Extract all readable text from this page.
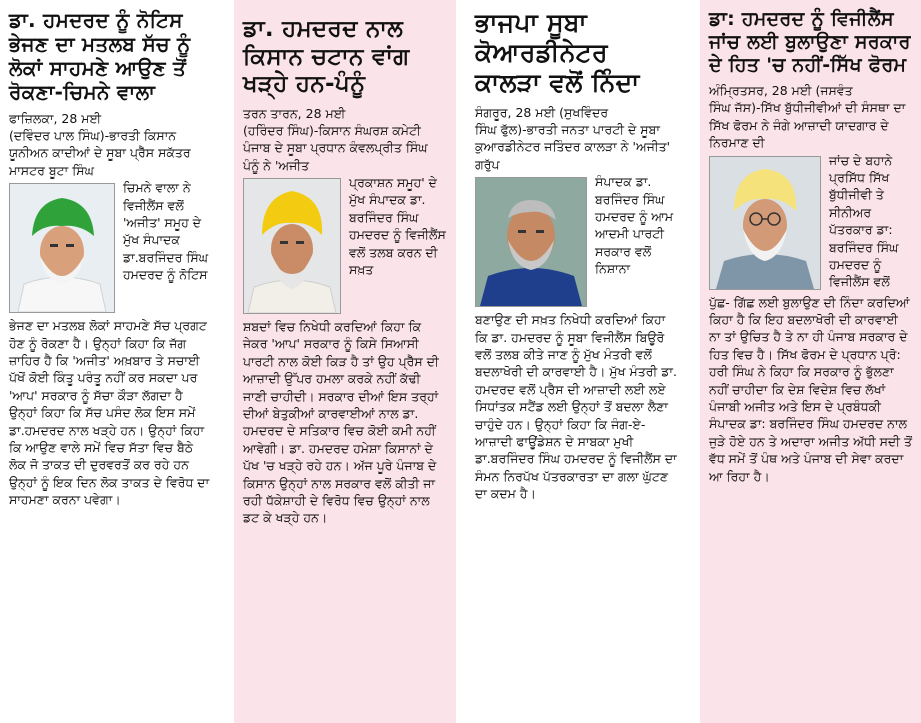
ਡਾ. ਹਮਦਰਦ ਨੂੰ ਨੋਟਿਸ ਭੇਜਣ ਦਾ ਮਤਲਬ ਸੱਚ ਨੂੰ ਲੋਕਾਂ ਸਾਹਮਣੇ ਆਉਣ ਤੋਂ ਰੋਕਣਾ-ਚਿਮਨੇ ਵਾਲਾ

ਫਾਜ਼ਿਲਕਾ, 28 ਮਈ

(ਦਵਿੰਦਰ ਪਾਲ ਸਿੰਘ)-ਭਾਰਤੀ ਕਿਸਾਨ ਯੂਨੀਅਨ ਕਾਦੀਆਂ ਦੇ ਸੂਬਾ ਪ੍ਰੈੱਸ ਸਕੱਤਰ ਮਾਸਟਰ ਬੂਟਾ ਸਿੰਘ

ਚਿਮਨੇ ਵਾਲਾ ਨੇ ਵਿਜੀਲੈਂਸ ਵਲੋਂ 'ਅਜੀਤ' ਸਮੂਹ ਦੇ ਮੁੱਖ ਸੰਪਾਦਕ ਡਾ.ਬਰਜਿੰਦਰ ਸਿੰਘ ਹਮਦਰਦ ਨੂੰ ਨੋਟਿਸ

ਭੇਜਣ ਦਾ ਮਤਲਬ ਲੋਕਾਂ ਸਾਹਮਣੇ ਸੱਚ ਪ੍ਰਗਟ ਹੋਣ ਨੂੰ ਰੋਕਣਾ ਹੈ। ਉਨ੍ਹਾਂ ਕਿਹਾ ਕਿ ਜੱਗ ਜ਼ਾਹਿਰ ਹੈ ਕਿ 'ਅਜੀਤ' ਅਖ਼ਬਾਰ ਤੇ ਸਚਾਈ ਪੱਖੋਂ ਕੋਈ ਕਿੰਤੂ ਪਰੰਤੂ ਨਹੀਂ ਕਰ ਸਕਦਾ ਪਰ 'ਆਪ' ਸਰਕਾਰ ਨੂੰ ਸੱਚਾ ਕੌੜਾ ਲੱਗਦਾ ਹੈ ਉਨ੍ਹਾਂ ਕਿਹਾ ਕਿ ਸੱਚ ਪਸੰਦ ਲੋਕ ਇਸ ਸਮੇਂ ਡਾ.ਹਮਦਰਦ ਨਾਲ ਖੜ੍ਹੇ ਹਨ। ਉਨ੍ਹਾਂ ਕਿਹਾ ਕਿ ਆਉਣ ਵਾਲੇ ਸਮੇਂ ਵਿਚ ਸੱਤਾ ਵਿਚ ਬੈਠੇ ਲੋਕ ਜੋ ਤਾਕਤ ਦੀ ਦੁਰਵਰਤੋਂ ਕਰ ਰਹੇ ਹਨ ਉਨ੍ਹਾਂ ਨੂੰ ਇਕ ਦਿਨ ਲੋਕ ਤਾਕਤ ਦੇ ਵਿਰੋਧ ਦਾ ਸਾਹਮਣਾ ਕਰਨਾ ਪਵੇਗਾ।

ਡਾ. ਹਮਦਰਦ ਨਾਲ ਕਿਸਾਨ ਚਟਾਨ ਵਾਂਗ ਖੜ੍ਹੇ ਹਨ-ਪੰਨੂੰ

ਤਰਨ ਤਾਰਨ, 28 ਮਈ

(ਹਰਿੰਦਰ ਸਿੰਘ)-ਕਿਸਾਨ ਸੰਘਰਸ਼ ਕਮੇਟੀ ਪੰਜਾਬ ਦੇ ਸੂਬਾ ਪ੍ਰਧਾਨ ਕੰਵਲਪ੍ਰੀਤ ਸਿੰਘ ਪੰਨੂੰ ਨੇ 'ਅਜੀਤ

ਪ੍ਰਕਾਸ਼ਨ ਸਮੂਹ' ਦੇ ਮੁੱਖ ਸੰਪਾਦਕ ਡਾ. ਬਰਜਿੰਦਰ ਸਿੰਘ ਹਮਦਰਦ ਨੂੰ ਵਿਜੀਲੈਂਸ ਵਲੋਂ ਤਲਬ ਕਰਨ ਦੀ ਸਖ਼ਤ

ਸ਼ਬਦਾਂ ਵਿਚ ਨਿਖੇਧੀ ਕਰਦਿਆਂ ਕਿਹਾ ਕਿ ਜੇਕਰ 'ਆਪ' ਸਰਕਾਰ ਨੂੰ ਕਿਸੇ ਸਿਆਸੀ ਪਾਰਟੀ ਨਾਲ ਕੋਈ ਕਿੜ ਹੈ ਤਾਂ ਉਹ ਪ੍ਰੈੱਸ ਦੀ ਆਜ਼ਾਦੀ ਉੱਪਰ ਹਮਲਾ ਕਰਕੇ ਨਹੀਂ ਕੱਢੀ ਜਾਣੀ ਚਾਹੀਦੀ। ਸਰਕਾਰ ਦੀਆਂ ਇਸ ਤਰ੍ਹਾਂ ਦੀਆਂ ਬੇਤੁਕੀਆਂ ਕਾਰਵਾਈਆਂ ਨਾਲ ਡਾ. ਹਮਦਰਦ ਦੇ ਸਤਿਕਾਰ ਵਿਚ ਕੋਈ ਕਮੀ ਨਹੀਂ ਆਵੇਗੀ। ਡਾ. ਹਮਦਰਦ ਹਮੇਸ਼ਾ ਕਿਸਾਨਾਂ ਦੇ ਪੱਖ 'ਚ ਖੜ੍ਹੇ ਰਹੇ ਹਨ। ਅੱਜ ਪੂਰੇ ਪੰਜਾਬ ਦੇ ਕਿਸਾਨ ਉਨ੍ਹਾਂ ਨਾਲ ਸਰਕਾਰ ਵਲੋਂ ਕੀਤੀ ਜਾ ਰਹੀ ਧੱਕੇਸ਼ਾਹੀ ਦੇ ਵਿਰੋਧ ਵਿਚ ਉਨ੍ਹਾਂ ਨਾਲ ਡਟ ਕੇ ਖੜ੍ਹੇ ਹਨ।

ਭਾਜਪਾ ਸੂਬਾ ਕੋਆਰਡੀਨੇਟਰ ਕਾਲੜਾ ਵਲੋਂ ਨਿੰਦਾ

ਸੰਗਰੂਰ, 28 ਮਈ (ਸੁਖਵਿੰਦਰ

ਸਿੰਘ ਫੁੱਲ)-ਭਾਰਤੀ ਜਨਤਾ ਪਾਰਟੀ ਦੇ ਸੂਬਾ ਕੁਆਰਡੀਨੇਟਰ ਜਤਿੰਦਰ ਕਾਲੜਾ ਨੇ 'ਅਜੀਤ' ਗਰੁੱਪ

ਸੰਪਾਦਕ ਡਾ. ਬਰਜਿੰਦਰ ਸਿੰਘ ਹਮਦਰਦ ਨੂੰ ਆਮ ਆਦਮੀ ਪਾਰਟੀ ਸਰਕਾਰ ਵਲੋਂ ਨਿਸ਼ਾਨਾ

ਬਣਾਉਣ ਦੀ ਸਖ਼ਤ ਨਿਖੇਧੀ ਕਰਦਿਆਂ ਕਿਹਾ ਕਿ ਡਾ. ਹਮਦਰਦ ਨੂੰ ਸੂਬਾ ਵਿਜੀਲੈਂਸ ਬਿਊਰੋ ਵਲੋਂ ਤਲਬ ਕੀਤੇ ਜਾਣ ਨੂੰ ਮੁੱਖ ਮੰਤਰੀ ਵਲੋਂ ਬਦਲਾਖੋਰੀ ਦੀ ਕਾਰਵਾਈ ਹੈ। ਮੁੱਖ ਮੰਤਰੀ ਡਾ. ਹਮਦਰਦ ਵਲੋਂ ਪ੍ਰੈਸ ਦੀ ਆਜ਼ਾਦੀ ਲਈ ਲਏ ਸਿਧਾਂਤਕ ਸਟੈਂਡ ਲਈ ਉਨ੍ਹਾਂ ਤੋਂ ਬਦਲਾ ਲੈਣਾ ਚਾਹੁੰਦੇ ਹਨ। ਉਨ੍ਹਾਂ ਕਿਹਾ ਕਿ ਜੰਗ-ਏ-ਆਜ਼ਾਦੀ ਫਾਊਂਡੇਸ਼ਨ ਦੇ ਸਾਬਕਾ ਮੁਖੀ ਡਾ.ਬਰਜਿੰਦਰ ਸਿੰਘ ਹਮਦਰਦ ਨੂੰ ਵਿਜੀਲੈਂਸ ਦਾ ਸੰਮਨ ਨਿਰਪੱਖ ਪੱਤਰਕਾਰਤਾ ਦਾ ਗਲਾ ਘੁੱਟਣ ਦਾ ਕਦਮ ਹੈ।

ਡਾ: ਹਮਦਰਦ ਨੂੰ ਵਿਜੀਲੈਂਸ ਜਾਂਚ ਲਈ ਬੁਲਾਉਣਾ ਸਰਕਾਰ ਦੇ ਹਿਤ 'ਚ ਨਹੀਂ-ਸਿੱਖ ਫੋਰਮ

ਅੰਮ੍ਰਿਤਸਰ, 28 ਮਈ (ਜਸਵੰਤ

ਸਿੰਘ ਜੱਸ)-ਸਿੱਖ ਬੁੱਧੀਜੀਵੀਆਂ ਦੀ ਸੰਸਥਾ ਦਾ ਸਿੱਖ ਫੋਰਮ ਨੇ ਜੰਗੇ ਆਜ਼ਾਦੀ ਯਾਦਗਾਰ ਦੇ ਨਿਰਮਾਣ ਦੀ

ਜਾਂਚ ਦੇ ਬਹਾਨੇ ਪ੍ਰਸਿੱਧ ਸਿੱਖ ਬੁੱਧੀਜੀਵੀ ਤੇ ਸੀਨੀਅਰ ਪੱਤਰਕਾਰ ਡਾ: ਬਰਜਿੰਦਰ ਸਿੰਘ ਹਮਦਰਦ ਨੂੰ ਵਿਜੀਲੈਂਸ ਵਲੋਂ

ਪੁੱਛ- ਗਿੱਛ ਲਈ ਬੁਲਾਉਣ ਦੀ ਨਿੰਦਾ ਕਰਦਿਆਂ ਕਿਹਾ ਹੈ ਕਿ ਇਹ ਬਦਲਾਖੋਰੀ ਦੀ ਕਾਰਵਾਈ ਨਾ ਤਾਂ ਉਚਿਤ ਹੈ ਤੇ ਨਾ ਹੀ ਪੰਜਾਬ ਸਰਕਾਰ ਦੇ ਹਿਤ ਵਿਚ ਹੈ। ਸਿੱਖ ਫੋਰਮ ਦੇ ਪ੍ਰਧਾਨ ਪ੍ਰੋ: ਹਰੀ ਸਿੰਘ ਨੇ ਕਿਹਾ ਕਿ ਸਰਕਾਰ ਨੂੰ ਭੁੱਲਣਾ ਨਹੀਂ ਚਾਹੀਦਾ ਕਿ ਦੇਸ਼ ਵਿਦੇਸ਼ ਵਿਚ ਲੱਖਾਂ ਪੰਜਾਬੀ ਅਜੀਤ ਅਤੇ ਇਸ ਦੇ ਪ੍ਰਬੰਧਕੀ ਸੰਪਾਦਕ ਡਾ: ਬਰਜਿੰਦਰ ਸਿੰਘ ਹਮਦਰਦ ਨਾਲ ਜੁੜੇ ਹੋਏ ਹਨ ਤੇ ਅਦਾਰਾ ਅਜੀਤ ਅੱਧੀ ਸਦੀ ਤੋਂ ਵੱਧ ਸਮੇਂ ਤੋਂ ਪੰਥ ਅਤੇ ਪੰਜਾਬ ਦੀ ਸੇਵਾ ਕਰਦਾ ਆ ਰਿਹਾ ਹੈ।
